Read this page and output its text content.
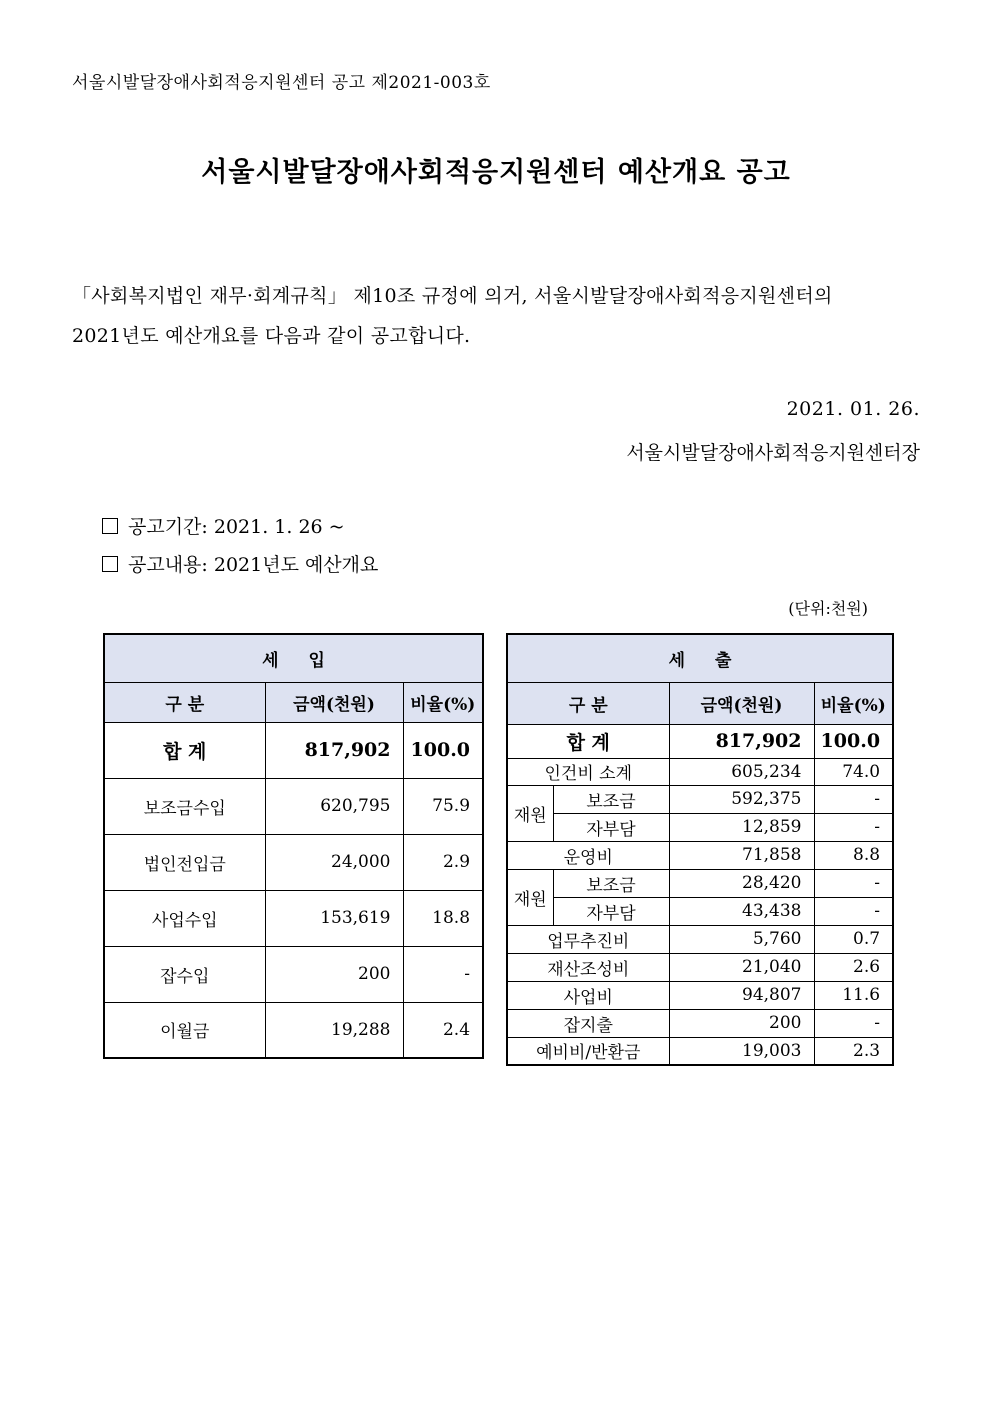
서울시발달장애사회적응지원센터 공고 제2021-003호
서울시발달장애사회적응지원센터 예산개요 공고
「사회복지법인 재무·회계규칙」 제10조 규정에 의거, 서울시발달장애사회적응지원센터의
2021년도 예산개요를 다음과 같이 공고합니다.
2021. 01. 26.
서울시발달장애사회적응지원센터장
공고기간: 2021. 1. 26 ~
공고내용: 2021년도 예산개요
(단위:천원)
세입		
구 분	금액(천원)	비율(%)
합 계	817,902	100.0
보조금수입	620,795	75.9
법인전입금	24,000	2.9
사업수입	153,619	18.8
잡수입	200	-
이월금	19,288	2.4
세출			
구 분		금액(천원)	비율(%)
합 계		817,902	100.0
인건비 소계		605,234	74.0
재원	보조금	592,375	-
	자부담	12,859	-
운영비		71,858	8.8
재원	보조금	28,420	-
	자부담	43,438	-
업무추진비		5,760	0.7
재산조성비		21,040	2.6
사업비		94,807	11.6
잡지출		200	-
예비비/반환금		19,003	2.3
